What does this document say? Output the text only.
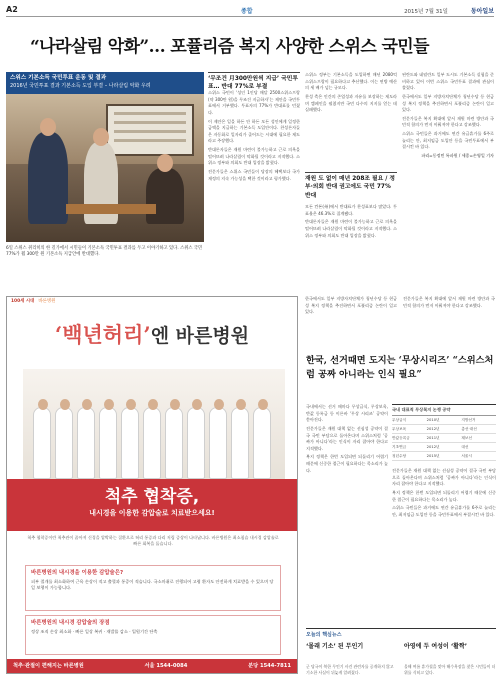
A2	종합	2015년 7월 31일	동아일보
“나라살림 악화”… 포퓰리즘 복지 사양한 스위스 국민들
스위스 기본소득 국민투표 운동 및 결과
2016년 국민투표 결과 기본소득 도입 부결 – 나라살림 악화 우려
6일 스위스 취리히의 한 길가에서 시민들이 기본소득 국민투표 결과를 두고 이야기하고 있다. 스위스 국민 77%가 월 300만 원 기본소득 지급안에 반대했다.
‘무조건 月300만원씩 지급’ 국민투표… 반대 77%로 부결

스위스 국민이 ‘성인 1인당 매달 2500스위스프랑(약 300만 원)을 무조건 지급하자’는 제안을 국민투표에서 거부했다. 투표자의 77%가 반대표를 던졌다.

이 제안은 일을 하든 안 하든 모든 성인에게 일정한 금액을 지급하는 기본소득 도입안이다. 찬성론자들은 자동화로 일자리가 줄어드는 시대에 필요한 제도라고 주장했다.

반대론자들은 재원 마련이 불가능하고 근로 의욕을 떨어뜨려 나라살림이 악화될 것이라고 지적했다. 스위스 정부와 의회도 반대 입장을 밝혔다.

전문가들은 스위스 국민들이 당장의 혜택보다 국가 재정의 지속 가능성을 택한 것이라고 평가했다.	재원 도 없이 매년 208조 필요 / 정부·의회 반대 권고에도 국민 77% 반대

스위스 정부는 기본소득을 도입하면 매년 2080억 스위스프랑이 필요하다고 추산했다. 이는 연방 예산의 세 배가 넘는 규모다.

찬성 측은 인간의 존엄성과 자유를 보장하는 제도라며 캠페인을 펼쳤지만 국민 다수의 지지를 얻는 데 실패했다.

모든 칸톤(州)에서 반대표가 찬성표보다 많았다. 투표율은 46.3%로 집계됐다.

반대론자들은 재원 마련이 불가능하고 근로 의욕을 떨어뜨려 나라살림이 악화될 것이라고 지적했다. 스위스 정부와 의회도 반대 입장을 밝혔다.

핀란드와 네덜란드 일부 도시도 기본소득 실험을 준비하고 있어 이번 스위스 국민투표 결과에 관심이 쏠렸다.

한국에서도 일부 지방자치단체가 청년수당 등 현금성 복지 정책을 추진하면서 포퓰리즘 논란이 일고 있다.

전문가들은 복지 확대에 앞서 재원 마련 방안과 국민적 합의가 먼저 이뤄져야 한다고 강조했다.

스위스 국민들은 과거에도 연간 유급휴가를 6주로 늘리는 안, 최저임금 도입안 등을 국민투표에서 부결시킨 바 있다.

파리=동정민 특파원 / 세종=손영일 기자

100세 시대 바른병원
‘백년허리’엔 바른병원
척추 협착증,
내시경을 이용한 감압술로 치료받으세요!
척추 협착증이란 척추관이 좁아져 신경을 압박하는 질환으로 허리 통증과 다리 저림 증상이 나타납니다. 바른병원은 최소침습 내시경 감압술로 빠른 회복을 돕습니다.
바른병원의 내시경을 이용한 감압술은?
피부 절개를 최소화하여 근육 손상이 적고 출혈과 통증이 적습니다. 국소마취로 진행되어 고령 환자도 안전하게 치료받을 수 있으며 당일 보행이 가능합니다.
바른병원의 내시경 감압술의 장점
정상 조직 손상 최소화 · 빠른 일상 복귀 · 재발률 감소 · 입원기간 단축
척추·관절이 편해지는 바른병원	서울 1544-0084	분당 1544-7811

한국에서도 일부 지방자치단체가 청년수당 등 현금성 복지 정책을 추진하면서 포퓰리즘 논란이 일고 있다.

전문가들은 복지 확대에 앞서 재원 마련 방안과 국민적 합의가 먼저 이뤄져야 한다고 강조했다.

한국, 선거때면 도지는 ‘무상시리즈’ “스위스처럼 공짜 아니라는 인식 필요”

국내에서는 선거 때마다 무상급식, 무상보육, 반값 등록금 등 이른바 ‘무상 시리즈’ 공약이 쏟아진다.

전문가들은 재원 대책 없는 선심성 공약이 결국 국민 부담으로 돌아온다며 스위스처럼 ‘공짜가 아니다’라는 인식이 자리 잡아야 한다고 지적했다.

복지 정책은 한번 도입되면 되돌리기 어렵기 때문에 신중한 접근이 필요하다는 목소리가 높다.

국내 대표적 무상복지 논쟁 공약
무상급식	2010년	지방선거
무상보육	2012년	총선·대선
반값등록금	2011년	재보선
기초연금	2012년	대선
청년수당	2015년	서울시

전문가들은 재원 대책 없는 선심성 공약이 결국 국민 부담으로 돌아온다며 스위스처럼 ‘공짜가 아니다’라는 인식이 자리 잡아야 한다고 지적했다.

복지 정책은 한번 도입되면 되돌리기 어렵기 때문에 신중한 접근이 필요하다는 목소리가 높다.

스위스 국민들은 과거에도 연간 유급휴가를 6주로 늘리는 안, 최저임금 도입안 등을 국민투표에서 부결시킨 바 있다.

오늘의 핵심뉴스
‘몰래 기소’ 된 무인기	아영에 두 여성이 ‘활짝’
군 당국이 북한 무인기 사건 관련자를 공개하지 않고 기소한 사실이 뒤늦게 알려졌다.
올해 여름 휴가철을 맞아 해수욕장을 찾은 시민들이 더위를 식히고 있다.
